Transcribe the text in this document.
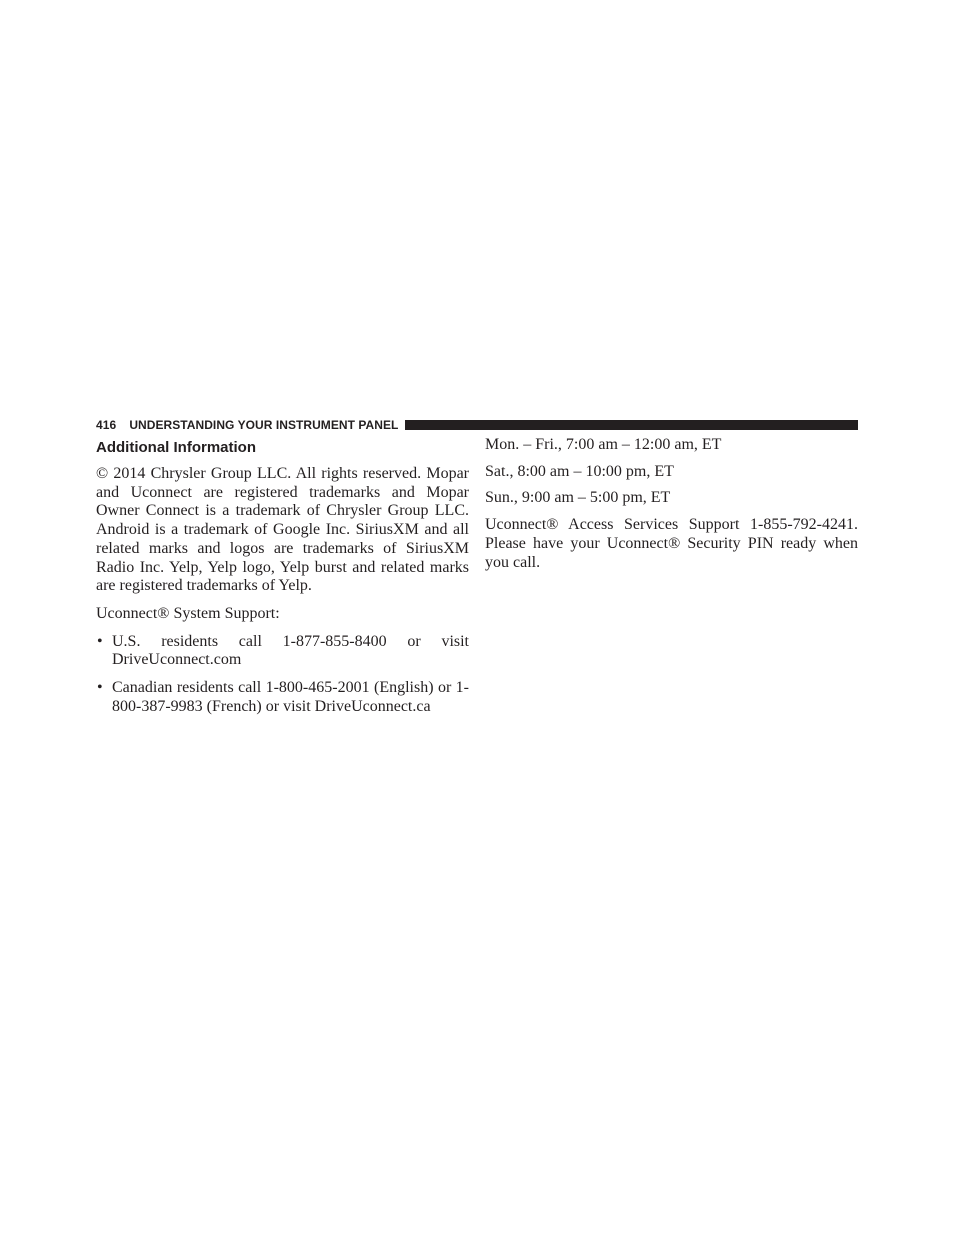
416 UNDERSTANDING YOUR INSTRUMENT PANEL
Additional Information

© 2014 Chrysler Group LLC. All rights reserved. Mopar and Uconnect are registered trademarks and Mopar Owner Connect is a trademark of Chrysler Group LLC. Android is a trademark of Google Inc. SiriusXM and all related marks and logos are trademarks of SiriusXM Radio Inc. Yelp, Yelp logo, Yelp burst and related marks are registered trademarks of Yelp.

Uconnect® System Support:

• U.S. residents call 1-877-855-8400 or visit DriveUconnect.com
• Canadian residents call 1-800-465-2001 (English) or 1-800-387-9983 (French) or visit DriveUconnect.ca

Mon. – Fri., 7:00 am – 12:00 am, ET

Sat., 8:00 am – 10:00 pm, ET

Sun., 9:00 am – 5:00 pm, ET

Uconnect® Access Services Support 1-855-792-4241. Please have your Uconnect® Security PIN ready when you call.
